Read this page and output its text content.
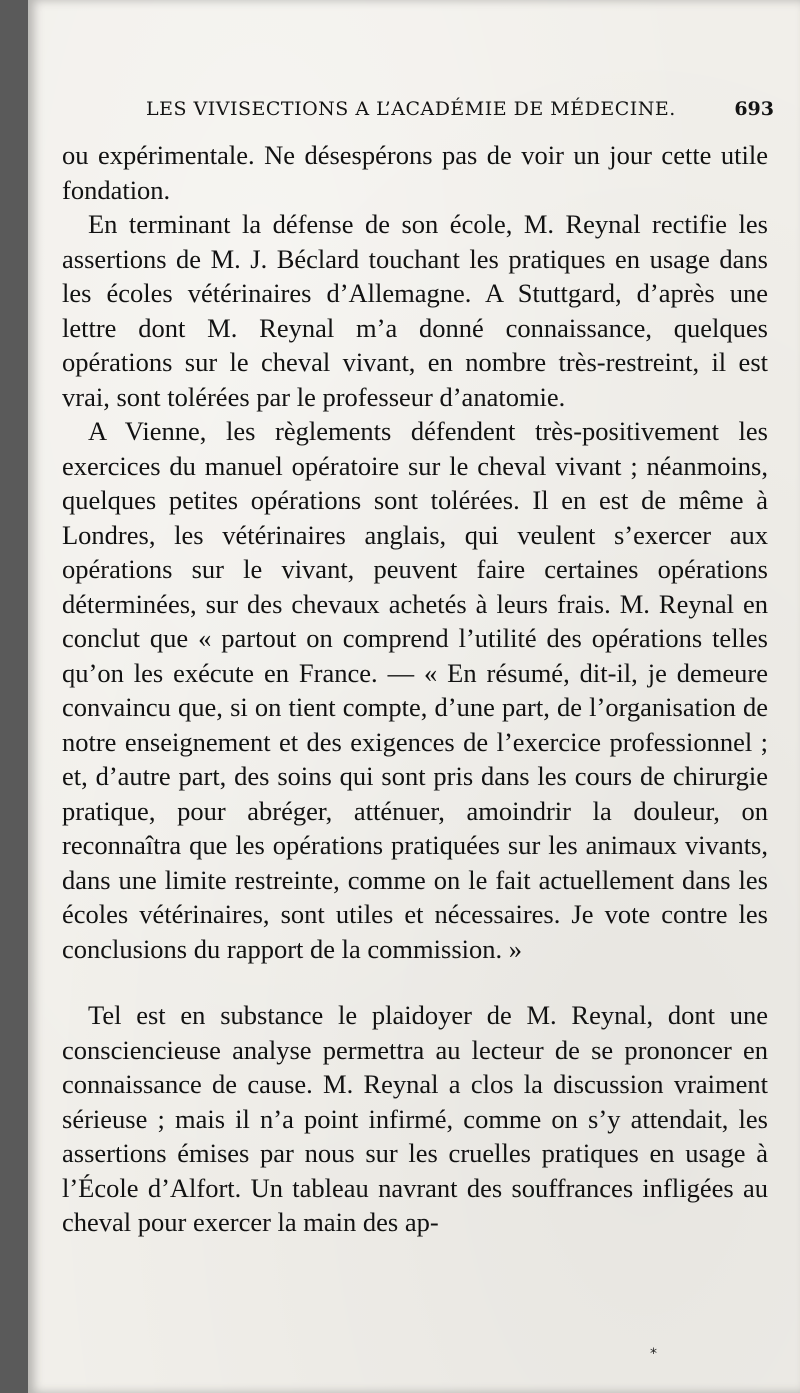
LES VIVISECTIONS A L’ACADÉMIE DE MÉDECINE.	693

ou expérimentale. Ne désespérons pas de voir un jour cette utile fondation.

En terminant la défense de son école, M. Reynal rectifie les assertions de M. J. Béclard touchant les pratiques en usage dans les écoles vétérinaires d’Allemagne. A Stuttgard, d’après une lettre dont M. Reynal m’a donné connaissance, quelques opérations sur le cheval vivant, en nombre très-restreint, il est vrai, sont tolérées par le professeur d’anatomie.

A Vienne, les règlements défendent très-positivement les exercices du manuel opératoire sur le cheval vivant ; néanmoins, quelques petites opérations sont tolérées. Il en est de même à Londres, les vétérinaires anglais, qui veulent s’exercer aux opérations sur le vivant, peuvent faire certaines opérations déterminées, sur des chevaux achetés à leurs frais. M. Reynal en conclut que « partout on comprend l’utilité des opérations telles qu’on les exécute en France. — « En résumé, dit-il, je demeure convaincu que, si on tient compte, d’une part, de l’organisation de notre enseignement et des exigences de l’exercice professionnel ; et, d’autre part, des soins qui sont pris dans les cours de chirurgie pratique, pour abréger, atténuer, amoindrir la douleur, on reconnaîtra que les opérations pratiquées sur les animaux vivants, dans une limite restreinte, comme on le fait actuellement dans les écoles vétérinaires, sont utiles et nécessaires. Je vote contre les conclusions du rapport de la commission. »

Tel est en substance le plaidoyer de M. Reynal, dont une consciencieuse analyse permettra au lecteur de se prononcer en connaissance de cause. M. Reynal a clos la discussion vraiment sérieuse ; mais il n’a point infirmé, comme on s’y attendait, les assertions émises par nous sur les cruelles pratiques en usage à l’École d’Alfort. Un tableau navrant des souffrances infligées au cheval pour exercer la main des ap-

*
